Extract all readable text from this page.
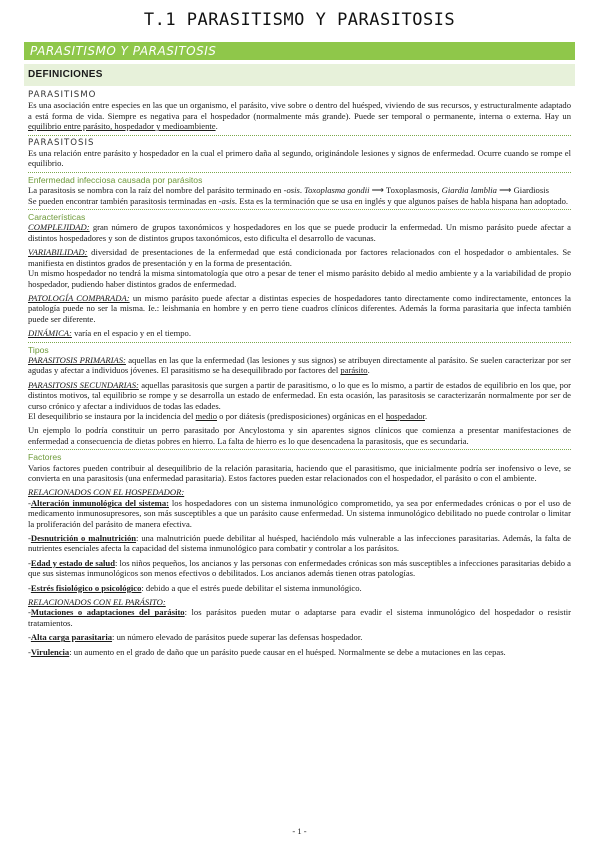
T.1 PARASITISMO Y PARASITOSIS
PARASITISMO Y PARASITOSIS
DEFINICIONES
PARASITISMO

Es una asociación entre especies en las que un organismo, el parásito, vive sobre o dentro del huésped, viviendo de sus recursos, y estructuralmente adaptado a está forma de vida. Siempre es negativa para el hospedador (normalmente más grande). Puede ser temporal o permanente, interna o externa. Hay un equilibrio entre parásito, hospedador y medioambiente.

PARASITOSIS

Es una relación entre parásito y hospedador en la cual el primero daña al segundo, originándole lesiones y signos de enfermedad. Ocurre cuando se rompe el equilibrio.

Enfermedad infecciosa causada por parásitos

La parasitosis se nombra con la raíz del nombre del parásito terminado en -osis. Toxoplasma gondii ⟶ Toxoplasmosis, Giardia lamblia ⟶ Giardiosis

Se pueden encontrar también parasitosis terminadas en -asis. Esta es la terminación que se usa en inglés y que algunos países de habla hispana han adoptado.

Características

COMPLEJIDAD: gran número de grupos taxonómicos y hospedadores en los que se puede producir la enfermedad. Un mismo parásito puede afectar a distintos hospedadores y son de distintos grupos taxonómicos, esto dificulta el desarrollo de vacunas.

VARIABILIDAD: diversidad de presentaciones de la enfermedad que está condicionada por factores relacionados con el hospedador o ambientales. Se manifiesta en distintos grados de presentación y en la forma de presentación.

Un mismo hospedador no tendrá la misma sintomatología que otro a pesar de tener el mismo parásito debido al medio ambiente y a la variabilidad de propio hospedador, pudiendo haber distintos grados de enfermedad.

PATOLOGÍA COMPARADA: un mismo parásito puede afectar a distintas especies de hospedadores tanto directamente como indirectamente, entonces la patología puede no ser la misma. Ie.: leishmania en hombre y en perro tiene cuadros clínicos diferentes. Además la forma parasitaria que infecta también puede ser diferente.

DINÁMICA: varía en el espacio y en el tiempo.

Tipos

PARASITOSIS PRIMARIAS: aquellas en las que la enfermedad (las lesiones y sus signos) se atribuyen directamente al parásito. Se suelen caracterizar por ser agudas y afectar a individuos jóvenes. El parasitismo se ha desequilibrado por factores del parásito.

PARASITOSIS SECUNDARIAS: aquellas parasitosis que surgen a partir de parasitismo, o lo que es lo mismo, a partir de estados de equilibrio en los que, por distintos motivos, tal equilibrio se rompe y se desarrolla un estado de enfermedad. En esta ocasión, las parasitosis se caracterizarán normalmente por ser de curso crónico y afectar a individuos de todas las edades.

El desequilibrio se instaura por la incidencia del medio o por diátesis (predisposiciones) orgánicas en el hospedador.

Un ejemplo lo podría constituir un perro parasitado por Ancylostoma y sin aparentes signos clínicos que comienza a presentar manifestaciones de enfermedad a consecuencia de dietas pobres en hierro. La falta de hierro es lo que desencadena la parasitosis, que es secundaria.

Factores

Varios factores pueden contribuir al desequilibrio de la relación parasitaria, haciendo que el parasitismo, que inicialmente podría ser inofensivo o leve, se convierta en una parasitosis (una enfermedad parasitaria). Estos factores pueden estar relacionados con el hospedador, el parásito o con el ambiente.

RELACIONADOS CON EL HOSPEDADOR:

-Alteración inmunológica del sistema: los hospedadores con un sistema inmunológico comprometido, ya sea por enfermedades crónicas o por el uso de medicamento inmunosupresores, son más susceptibles a que un parásito cause enfermedad. Un sistema inmunológico debilitado no puede controlar o limitar la proliferación del parásito de manera efectiva.

-Desnutrición o malnutrición: una malnutrición puede debilitar al huésped, haciéndolo más vulnerable a las infecciones parasitarias. Además, la falta de nutrientes esenciales afecta la capacidad del sistema inmunológico para combatir y controlar a los parásitos.

-Edad y estado de salud: los niños pequeños, los ancianos y las personas con enfermedades crónicas son más susceptibles a infecciones parasitarias debido a que sus sistemas inmunológicos son menos efectivos o debilitados. Los ancianos además tienen otras patologías.

-Estrés fisiológico o psicológico: debido a que el estrés puede debilitar el sistema inmunológico.

RELACIONADOS CON EL PARÁSITO:

-Mutaciones o adaptaciones del parásito: los parásitos pueden mutar o adaptarse para evadir el sistema inmunológico del hospedador o resistir tratamientos.

-Alta carga parasitaria: un número elevado de parásitos puede superar las defensas hospedador.

-Virulencia: un aumento en el grado de daño que un parásito puede causar en el huésped. Normalmente se debe a mutaciones en las cepas.

- 1 -
